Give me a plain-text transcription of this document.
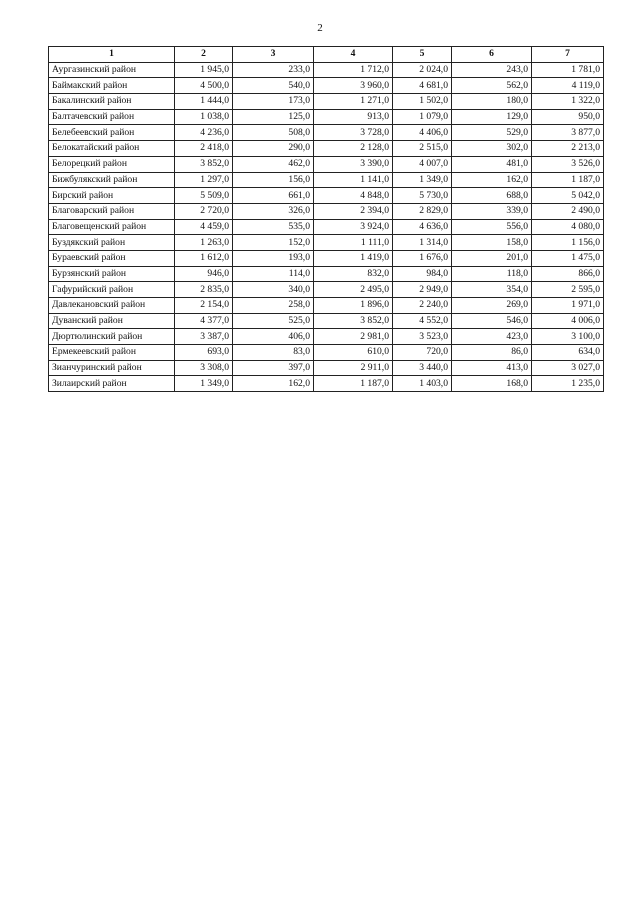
2
1	2	3	4	5	6	7
Аургазинский район	1 945,0	233,0	1 712,0	2 024,0	243,0	1 781,0
Баймакский район	4 500,0	540,0	3 960,0	4 681,0	562,0	4 119,0
Бакалинский район	1 444,0	173,0	1 271,0	1 502,0	180,0	1 322,0
Балтачевский район	1 038,0	125,0	913,0	1 079,0	129,0	950,0
Белебеевский район	4 236,0	508,0	3 728,0	4 406,0	529,0	3 877,0
Белокатайский район	2 418,0	290,0	2 128,0	2 515,0	302,0	2 213,0
Белорецкий район	3 852,0	462,0	3 390,0	4 007,0	481,0	3 526,0
Бижбулякский район	1 297,0	156,0	1 141,0	1 349,0	162,0	1 187,0
Бирский район	5 509,0	661,0	4 848,0	5 730,0	688,0	5 042,0
Благоварский район	2 720,0	326,0	2 394,0	2 829,0	339,0	2 490,0
Благовещенский район	4 459,0	535,0	3 924,0	4 636,0	556,0	4 080,0
Буздякский район	1 263,0	152,0	1 111,0	1 314,0	158,0	1 156,0
Бураевский район	1 612,0	193,0	1 419,0	1 676,0	201,0	1 475,0
Бурзянский район	946,0	114,0	832,0	984,0	118,0	866,0
Гафурийский район	2 835,0	340,0	2 495,0	2 949,0	354,0	2 595,0
Давлекановский район	2 154,0	258,0	1 896,0	2 240,0	269,0	1 971,0
Дуванский район	4 377,0	525,0	3 852,0	4 552,0	546,0	4 006,0
Дюртюлинский район	3 387,0	406,0	2 981,0	3 523,0	423,0	3 100,0
Ермекеевский район	693,0	83,0	610,0	720,0	86,0	634,0
Зианчуринский район	3 308,0	397,0	2 911,0	3 440,0	413,0	3 027,0
Зилаирский район	1 349,0	162,0	1 187,0	1 403,0	168,0	1 235,0
